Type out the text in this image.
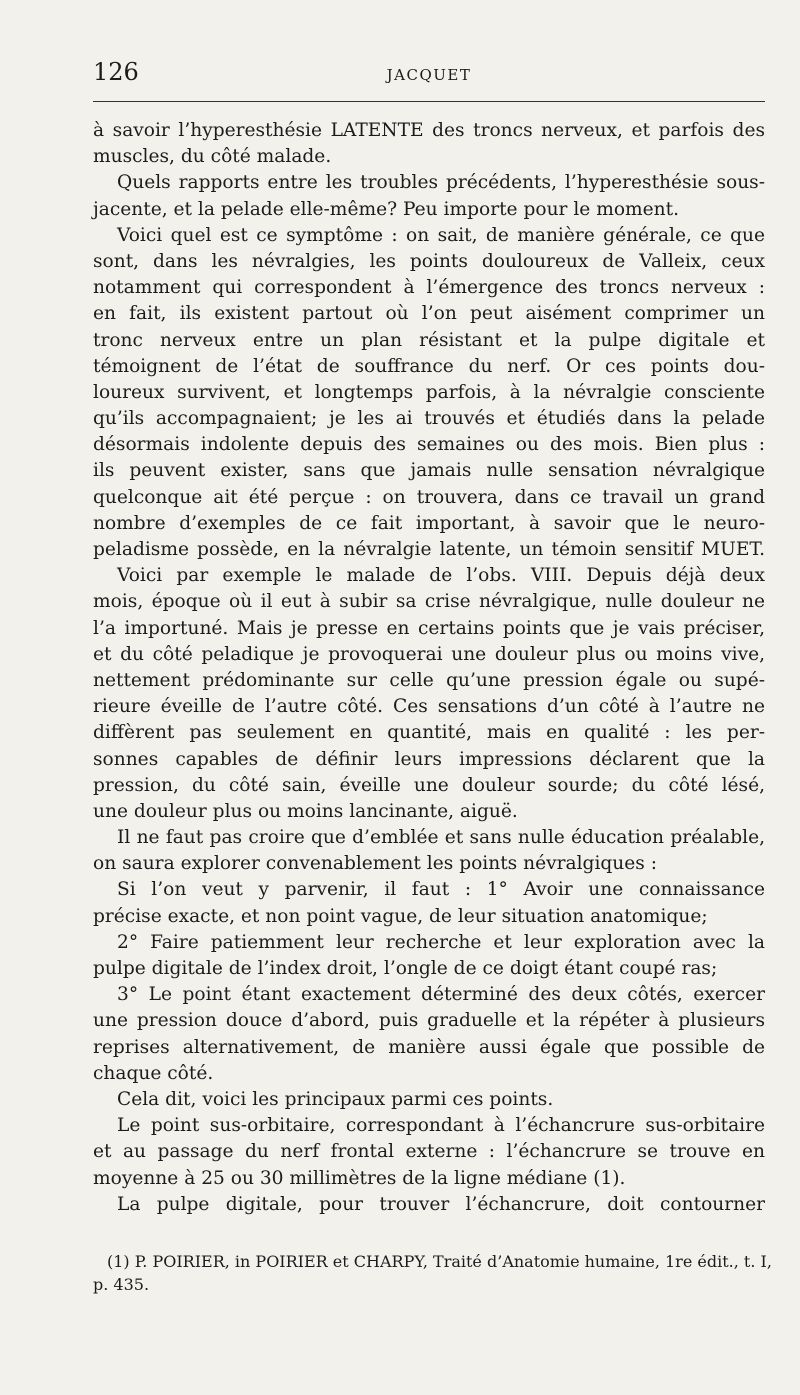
126	JACQUET
à savoir l’hyperesthésie LATENTE des troncs nerveux, et parfois des
muscles, du côté malade.
Quels rapports entre les troubles précédents, l’hyperesthésie sous-
jacente, et la pelade elle-même? Peu importe pour le moment.
Voici quel est ce symptôme : on sait, de manière générale, ce que
sont, dans les névralgies, les points douloureux de Valleix, ceux
notamment qui correspondent à l’émergence des troncs nerveux :
en fait, ils existent partout où l’on peut aisément comprimer un
tronc nerveux entre un plan résistant et la pulpe digitale et
témoignent de l’état de souffrance du nerf. Or ces points dou-
loureux survivent, et longtemps parfois, à la névralgie consciente
qu’ils accompagnaient; je les ai trouvés et étudiés dans la pelade
désormais indolente depuis des semaines ou des mois. Bien plus :
ils peuvent exister, sans que jamais nulle sensation névralgique
quelconque ait été perçue : on trouvera, dans ce travail un grand
nombre d’exemples de ce fait important, à savoir que le neuro-
peladisme possède, en la névralgie latente, un témoin sensitif MUET.
Voici par exemple le malade de l’obs. VIII. Depuis déjà deux
mois, époque où il eut à subir sa crise névralgique, nulle douleur ne
l’a importuné. Mais je presse en certains points que je vais préciser,
et du côté peladique je provoquerai une douleur plus ou moins vive,
nettement prédominante sur celle qu’une pression égale ou supé-
rieure éveille de l’autre côté. Ces sensations d’un côté à l’autre ne
diffèrent pas seulement en quantité, mais en qualité : les per-
sonnes capables de définir leurs impressions déclarent que la
pression, du côté sain, éveille une douleur sourde; du côté lésé,
une douleur plus ou moins lancinante, aiguë.
Il ne faut pas croire que d’emblée et sans nulle éducation préalable,
on saura explorer convenablement les points névralgiques :
Si l’on veut y parvenir, il faut : 1° Avoir une connaissance
précise exacte, et non point vague, de leur situation anatomique;
2° Faire patiemment leur recherche et leur exploration avec la
pulpe digitale de l’index droit, l’ongle de ce doigt étant coupé ras;
3° Le point étant exactement déterminé des deux côtés, exercer
une pression douce d’abord, puis graduelle et la répéter à plusieurs
reprises alternativement, de manière aussi égale que possible de
chaque côté.
Cela dit, voici les principaux parmi ces points.
Le point sus-orbitaire, correspondant à l’échancrure sus-orbitaire
et au passage du nerf frontal externe : l’échancrure se trouve en
moyenne à 25 ou 30 millimètres de la ligne médiane (1).
La pulpe digitale, pour trouver l’échancrure, doit contourner
(1) P. POIRIER, in POIRIER et CHARPY, Traité d’Anatomie humaine, 1re édit., t. I,
p. 435.
